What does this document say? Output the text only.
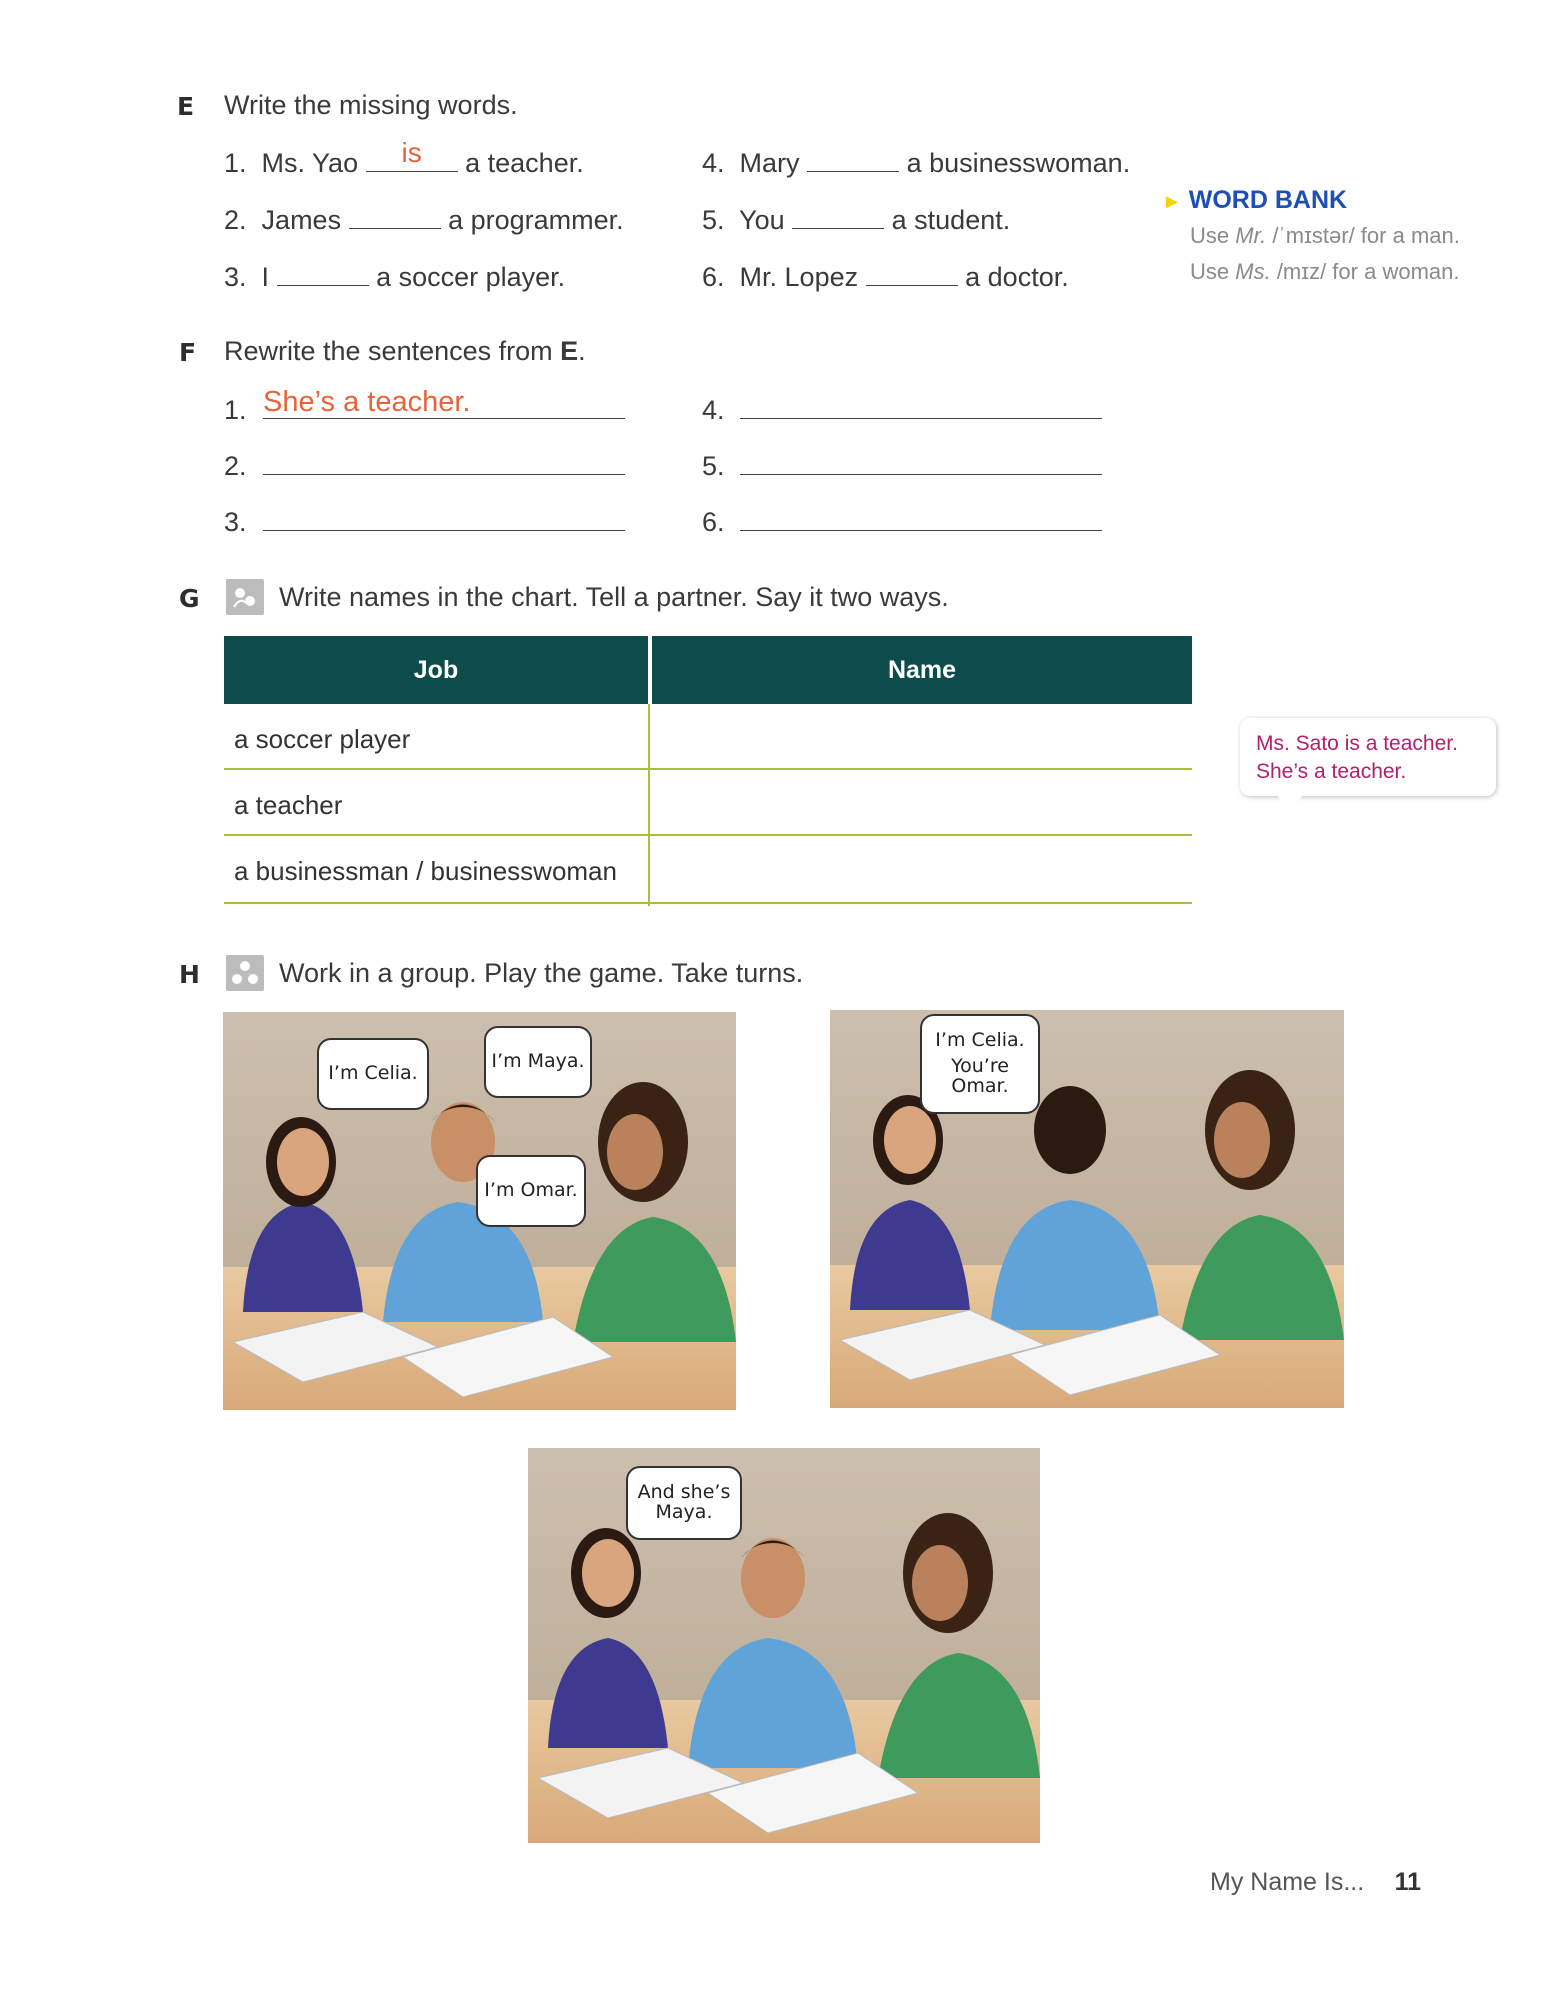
E Write the missing words.
1. Ms. Yao	is	a teacher.
2. James	a programmer.
3. I	a soccer player.
4. Mary	a businesswoman.
5. You	a student.
6. Mr. Lopez	a doctor.
► WORD BANK
Use Mr. /ˈmɪstər/ for a man.
Use Ms. /mɪz/ for a woman.
F Rewrite the sentences from E.
1. She’s a teacher.
2.
3.
4.
5.
6.
G	Write names in the chart. Tell a partner. Say it two ways.
Job	Name
a soccer player
a teacher
a businessman / businesswoman
Ms. Sato is a teacher.
She’s a teacher.
H	Work in a group. Play the game. Take turns.
I’m Celia.
I’m Maya.
I’m Omar.
I’m Celia.
You’re
Omar.
And she’s
Maya.
My Name Is... 11
